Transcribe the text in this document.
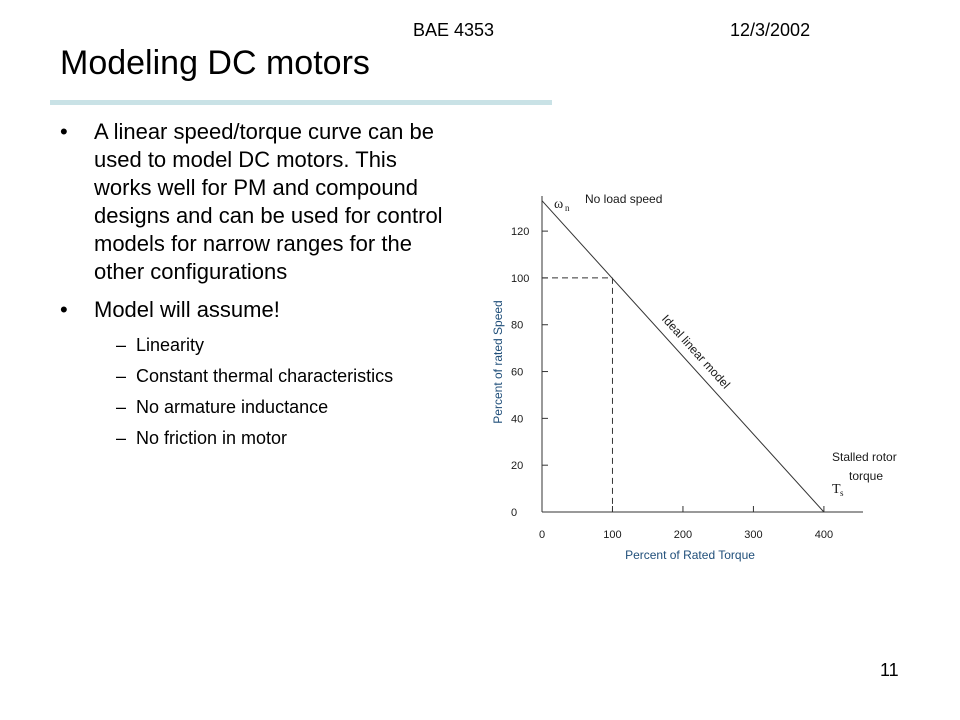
BAE 4353	12/3/2002
Modeling DC motors
• A linear speed/torque curve can be used to model DC motors. This works well for PM and compound designs and can be used for control models for narrow ranges for the other configurations
• Model will assume!
– Linearity
– Constant thermal characteristics
– No armature inductance
– No friction in motor
0
20
40
60
80
100
120
0	100	200	300	400
Percent of Rated Torque
Percent of rated Speed
ω n
No load speed
Ideal linear model
Stalled rotor
torque
T s
11
